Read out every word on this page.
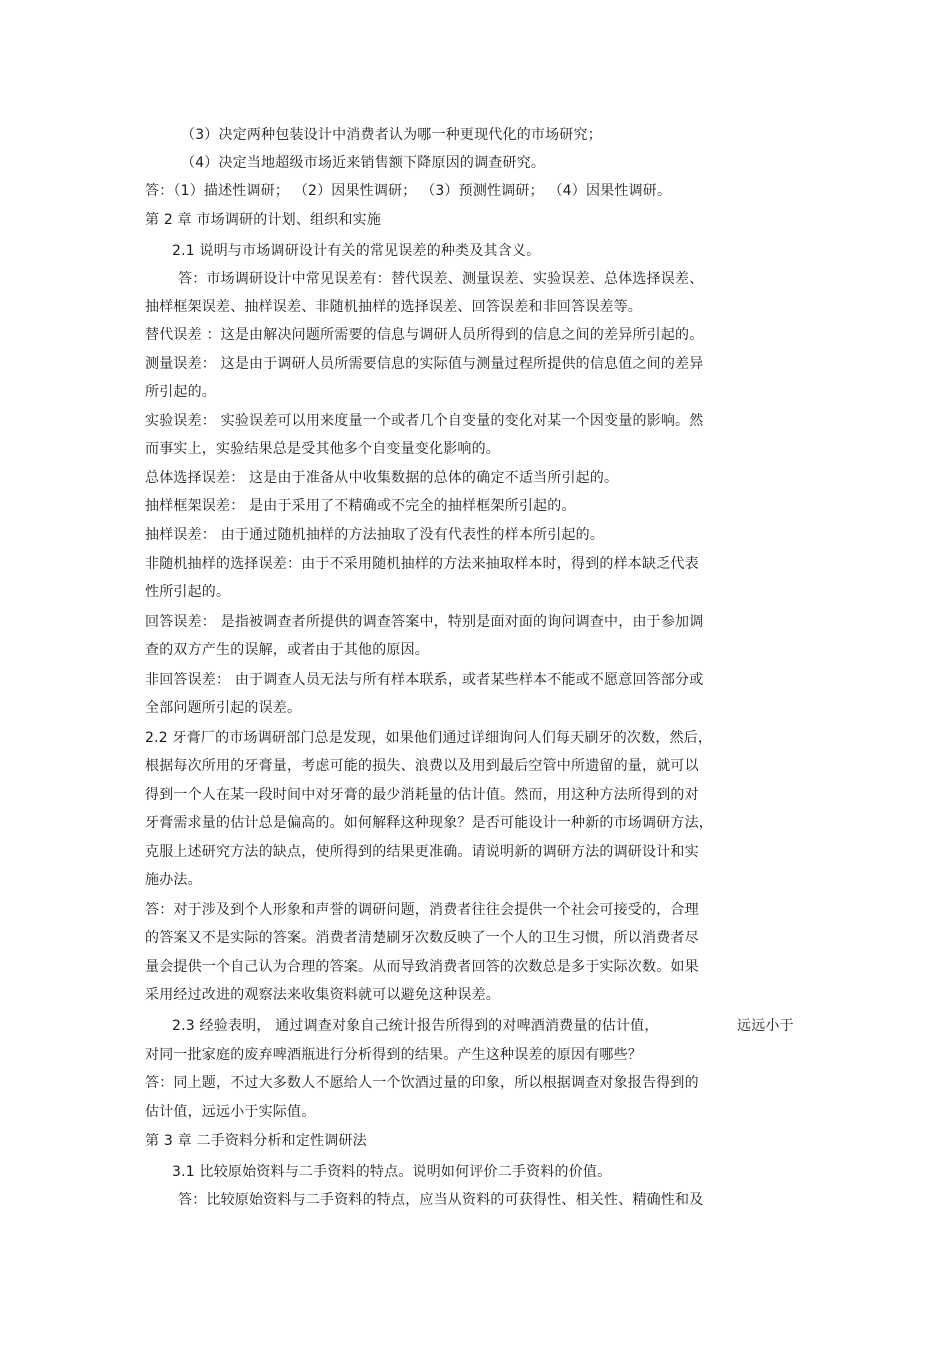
（3）决定两种包装设计中消费者认为哪一种更现代化的市场研究；
（4）决定当地超级市场近来销售额下降原因的调查研究。
答：（1）描述性调研； （2）因果性调研； （3）预测性调研； （4）因果性调研。
第 2 章 市场调研的计划、组织和实施
2.1 说明与市场调研设计有关的常见误差的种类及其含义。
答：市场调研设计中常见误差有：替代误差、测量误差、实验误差、总体选择误差、
抽样框架误差、抽样误差、非随机抽样的选择误差、回答误差和非回答误差等。
替代误差 ：这是由解决问题所需要的信息与调研人员所得到的信息之间的差异所引起的。
测量误差： 这是由于调研人员所需要信息的实际值与测量过程所提供的信息值之间的差异
所引起的。
实验误差： 实验误差可以用来度量一个或者几个自变量的变化对某一个因变量的影响。然
而事实上，实验结果总是受其他多个自变量变化影响的。
总体选择误差： 这是由于准备从中收集数据的总体的确定不适当所引起的。
抽样框架误差： 是由于采用了不精确或不完全的抽样框架所引起的。
抽样误差： 由于通过随机抽样的方法抽取了没有代表性的样本所引起的。
非随机抽样的选择误差：由于不采用随机抽样的方法来抽取样本时，得到的样本缺乏代表
性所引起的。
回答误差： 是指被调查者所提供的调查答案中，特别是面对面的询问调查中，由于参加调
查的双方产生的误解，或者由于其他的原因。
非回答误差： 由于调查人员无法与所有样本联系，或者某些样本不能或不愿意回答部分或
全部问题所引起的误差。
2.2 牙膏厂的市场调研部门总是发现，如果他们通过详细询问人们每天刷牙的次数，然后，
根据每次所用的牙膏量，考虑可能的损失、浪费以及用到最后空管中所遗留的量，就可以
得到一个人在某一段时间中对牙膏的最少消耗量的估计值。然而，用这种方法所得到的对
牙膏需求量的估计总是偏高的。如何解释这种现象？是否可能设计一种新的市场调研方法，
克服上述研究方法的缺点，使所得到的结果更准确。请说明新的调研方法的调研设计和实
施办法。
答：对于涉及到个人形象和声誉的调研问题，消费者往往会提供一个社会可接受的，合理
的答案又不是实际的答案。消费者清楚刷牙次数反映了一个人的卫生习惯，所以消费者尽
量会提供一个自己认为合理的答案。从而导致消费者回答的次数总是多于实际次数。如果
采用经过改进的观察法来收集资料就可以避免这种误差。
2.3 经验表明， 通过调查对象自己统计报告所得到的对啤酒消费量的估计值，	远远小于
对同一批家庭的废弃啤酒瓶进行分析得到的结果。产生这种误差的原因有哪些？
答：同上题，不过大多数人不愿给人一个饮酒过量的印象，所以根据调查对象报告得到的
估计值，远远小于实际值。
第 3 章 二手资料分析和定性调研法
3.1 比较原始资料与二手资料的特点。说明如何评价二手资料的价值。
答：比较原始资料与二手资料的特点，应当从资料的可获得性、相关性、精确性和及
